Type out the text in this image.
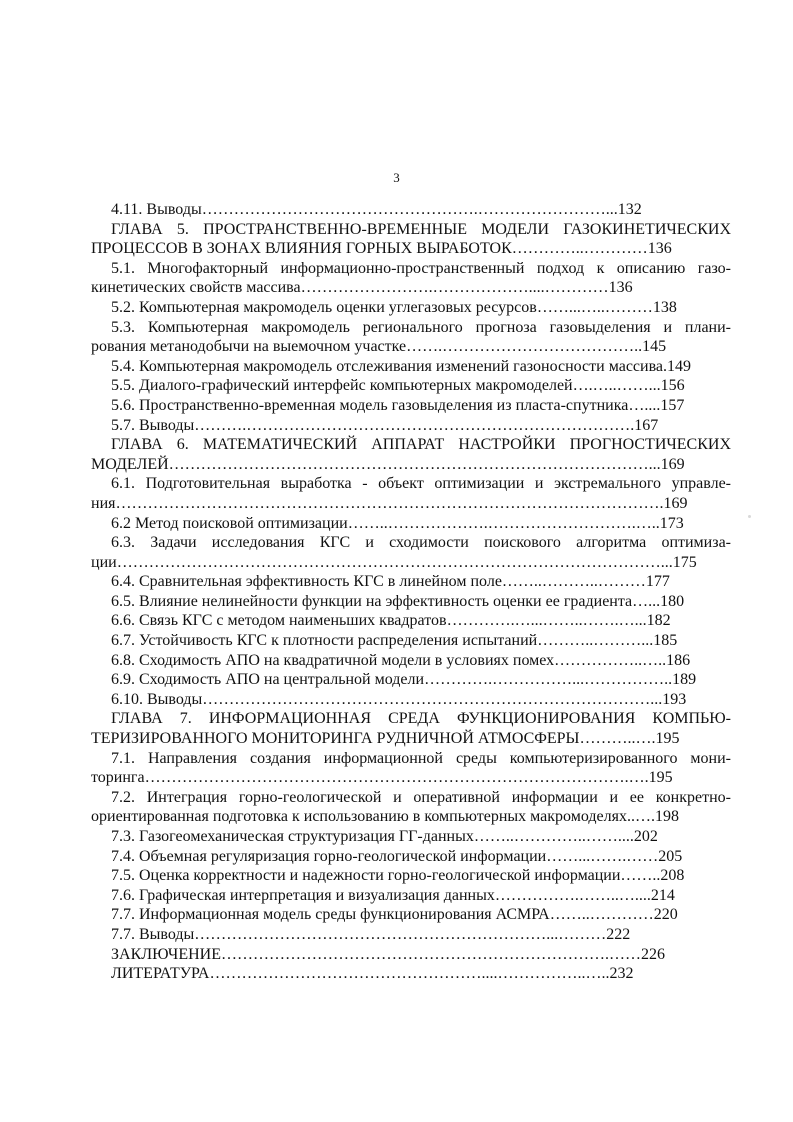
3
4.11. Выводы…………………………………………….……………………...132
ГЛАВА 5. ПРОСТРАНСТВЕННО-ВРЕМЕННЫЕ МОДЕЛИ ГАЗОКИНЕТИЧЕСКИХ
ПРОЦЕССОВ В ЗОНАХ ВЛИЯНИЯ ГОРНЫХ ВЫРАБОТОК…………..…………136
5.1. Многофакторный информационно-пространственный подход к описанию газо-
кинетических свойств массива…………………….………………....…………136
5.2. Компьютерная макромодель оценки углегазовых ресурсов……...…..………138
5.3. Компьютерная макромодель регионального прогноза газовыделения и плани-
рования метанодобычи на выемочном участке…….………………………………..145
5.4. Компьютерная макромодель отслеживания изменений газоносности массива.149
5.5. Диалого-графический интерфейс компьютерных макромоделей….…..……...156
5.6. Пространственно-временная модель газовыделения из пласта-спутника…....157
5.7. Выводы……….……………………………………………………………….167
ГЛАВА 6. МАТЕМАТИЧЕСКИЙ АППАРАТ НАСТРОЙКИ ПРОГНОСТИЧЕСКИХ
МОДЕЛЕЙ………………………………………………………………………………...169
6.1. Подготовительная выработка - объект оптимизации и экстремального управле-
ния………………………………………………………………………………………….169
6.2 Метод поисковой оптимизации……..……………….……………………….…..173
6.3. Задачи исследования КГС и сходимости поискового алгоритма оптимиза-
ции…………………………………………………………………………………………...175
6.4. Сравнительная эффективность КГС в линейном поле……..………..………177
6.5. Влияние нелинейности функции на эффективность оценки ее градиента…...180
6.6. Связь КГС с методом наименьших квадратов………….…...……..…….…...182
6.7. Устойчивость КГС к плотности распределения испытаний………..………...185
6.8. Сходимость АПО на квадратичной модели в условиях помех……………..…..186
6.9. Сходимость АПО на центральной модели………….……………...……………..189
6.10. Выводы…………………………………………………………………………...193
ГЛАВА 7. ИНФОРМАЦИОННАЯ СРЕДА ФУНКЦИОНИРОВАНИЯ КОМПЬЮ-
ТЕРИЗИРОВАННОГО МОНИТОРИНГА РУДНИЧНОЙ АТМОСФЕРЫ………..….195
7.1. Направления создания информационной среды компьютеризированного мони-
торинга……………………………………………………………………………….….195
7.2. Интеграция горно-геологической и оперативной информации и ее конкретно-
ориентированная подготовка к использованию в компьютерных макромоделях..….198
7.3. Газогеомеханическая структуризация ГГ-данных……..…………..……....202
7.4. Объемная регуляризация горно-геологической информации……...…….……205
7.5. Оценка корректности и надежности горно-геологической информации……..208
7.6. Графическая интерпретация и визуализация данных…………….……..…....214
7.7. Информационная модель среды функционирования АСМРА……..…………220
7.7. Выводы…………………………………………………………...………222
ЗАКЛЮЧЕНИЕ……………………………………………………………….……226
ЛИТЕРАТУРА……………………………………………....……………..…..232
